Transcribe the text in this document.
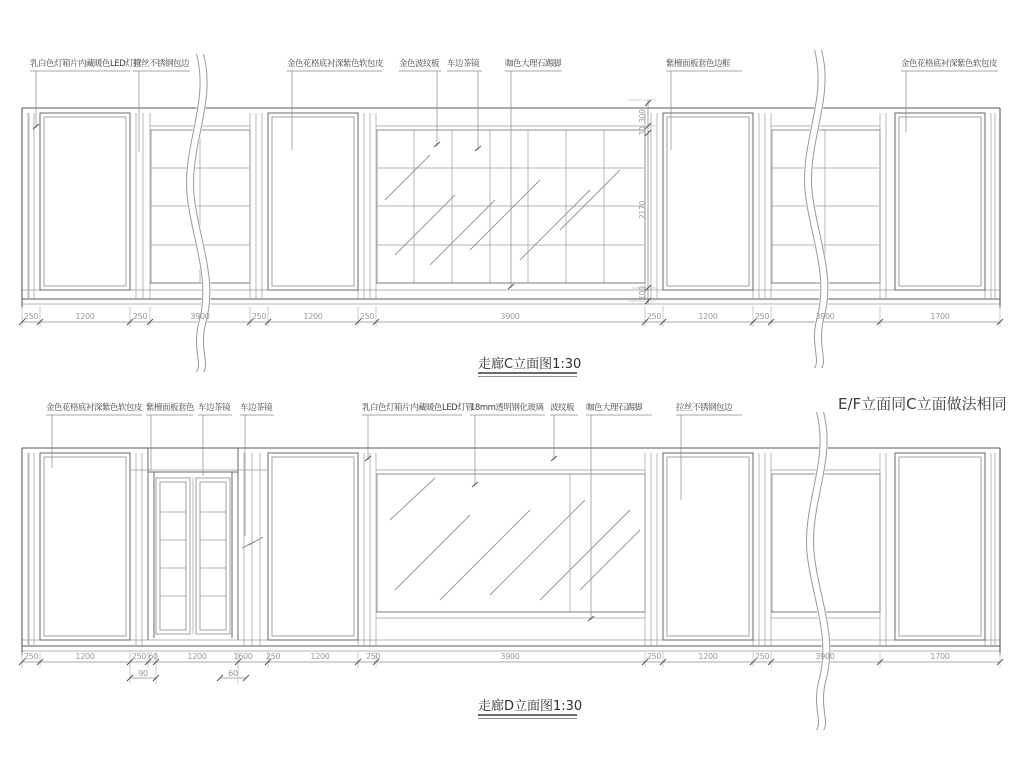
乳白色灯箱片内藏暖色LED灯管
拉丝不锈钢包边	金色花格底衬深紫色软包皮 金色波纹板 车边茶镜	咖色大理石踢脚	紫檀面板套色边框	金色花格底衬深紫色软包皮
250	1200	250	3900	250	1200	250	3900	250	1200	250	3900	1700
300
30
2170
100
走廊C立面图1:30
金色花格底衬深紫色软包皮 紫檀面板套色 车边茶镜 车边茶镜	乳白色灯箱片内藏暖色LED灯管
18mm透明钢化玻璃 波纹板 咖色大理石踢脚	拉丝不锈钢包边	E/F立面同C立面做法相同
250	1200	250 60	1200	1600 250	1200	250	3900	250	1200	250	3900	1700
90	60
走廊D立面图1:30
